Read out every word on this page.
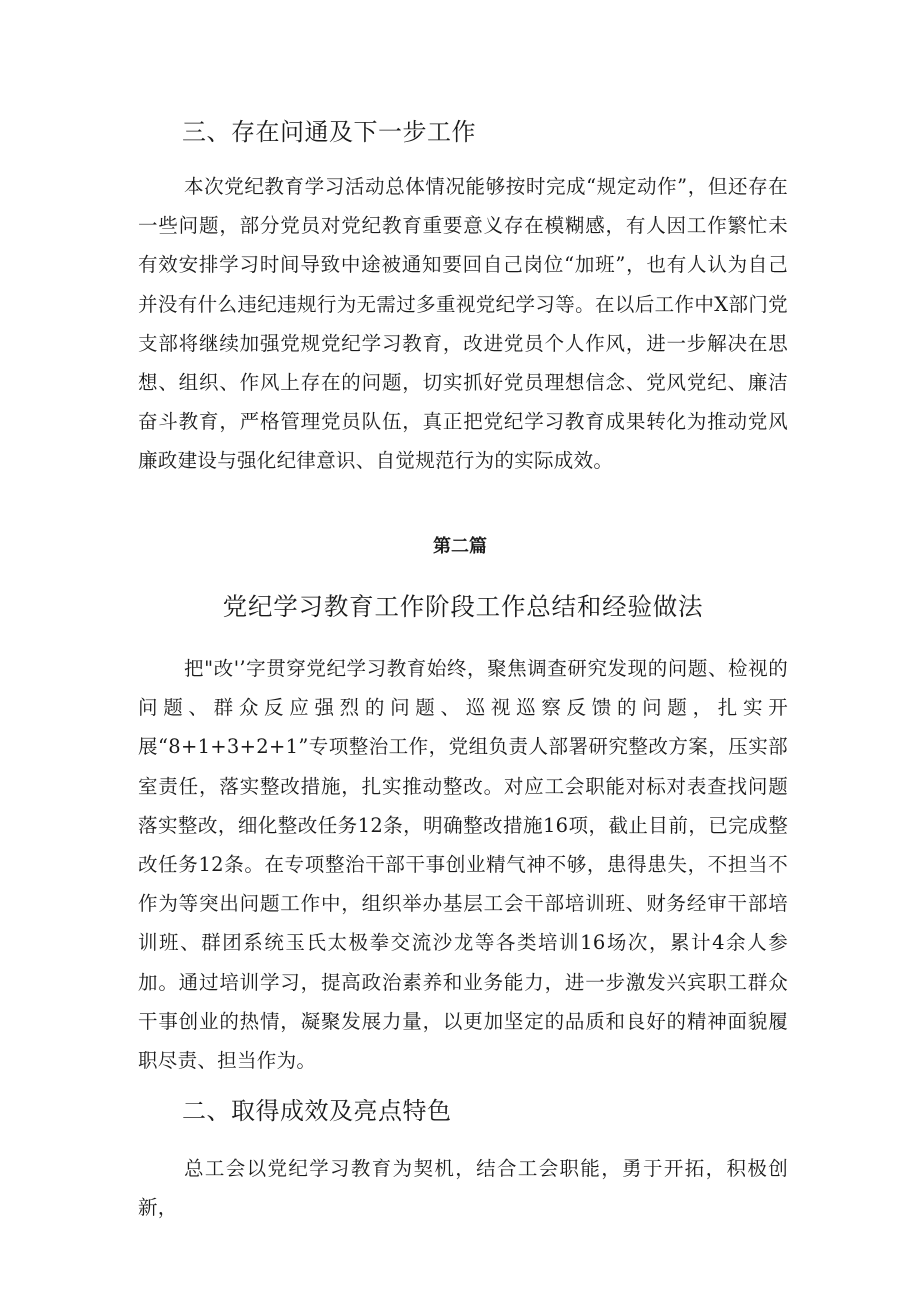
三、存在问通及下一步工作
本次党纪教育学习活动总体情况能够按时完成“规定动作”，但还存在一些问题，部分党员对党纪教育重要意义存在模糊感，有人因工作繁忙未有效安排学习时间导致中途被通知要回自己岗位“加班”，也有人认为自己并没有什么违纪违规行为无需过多重视党纪学习等。在以后工作中X部门党支部将继续加强党规党纪学习教育，改进党员个人作风，进一步解决在思想、组织、作风上存在的问题，切实抓好党员理想信念、党风党纪、廉洁奋斗教育，严格管理党员队伍，真正把党纪学习教育成果转化为推动党风廉政建设与强化纪律意识、自觉规范行为的实际成效。
第二篇
党纪学习教育工作阶段工作总结和经验做法
把"改'’字贯穿党纪学习教育始终，聚焦调查研究发现的问题、检视的问题、群众反应强烈的问题、巡视巡察反馈的问题，扎实开展“8+1+3+2+1”专项整治工作，党组负责人部署研究整改方案，压实部室责任，落实整改措施，扎实推动整改。对应工会职能对标对表查找问题落实整改，细化整改任务12条，明确整改措施16项，截止目前，已完成整改任务12条。在专项整治干部干事创业精气神不够，患得患失，不担当不作为等突出问题工作中，组织举办基层工会干部培训班、财务经审干部培训班、群团系统玉氏太极拳交流沙龙等各类培训16场次，累计4余人参加。通过培训学习，提高政治素养和业务能力，进一步激发兴宾职工群众干事创业的热情，凝聚发展力量，以更加坚定的品质和良好的精神面貌履职尽责、担当作为。
二、取得成效及亮点特色
总工会以党纪学习教育为契机，结合工会职能，勇于开拓，积极创新，
